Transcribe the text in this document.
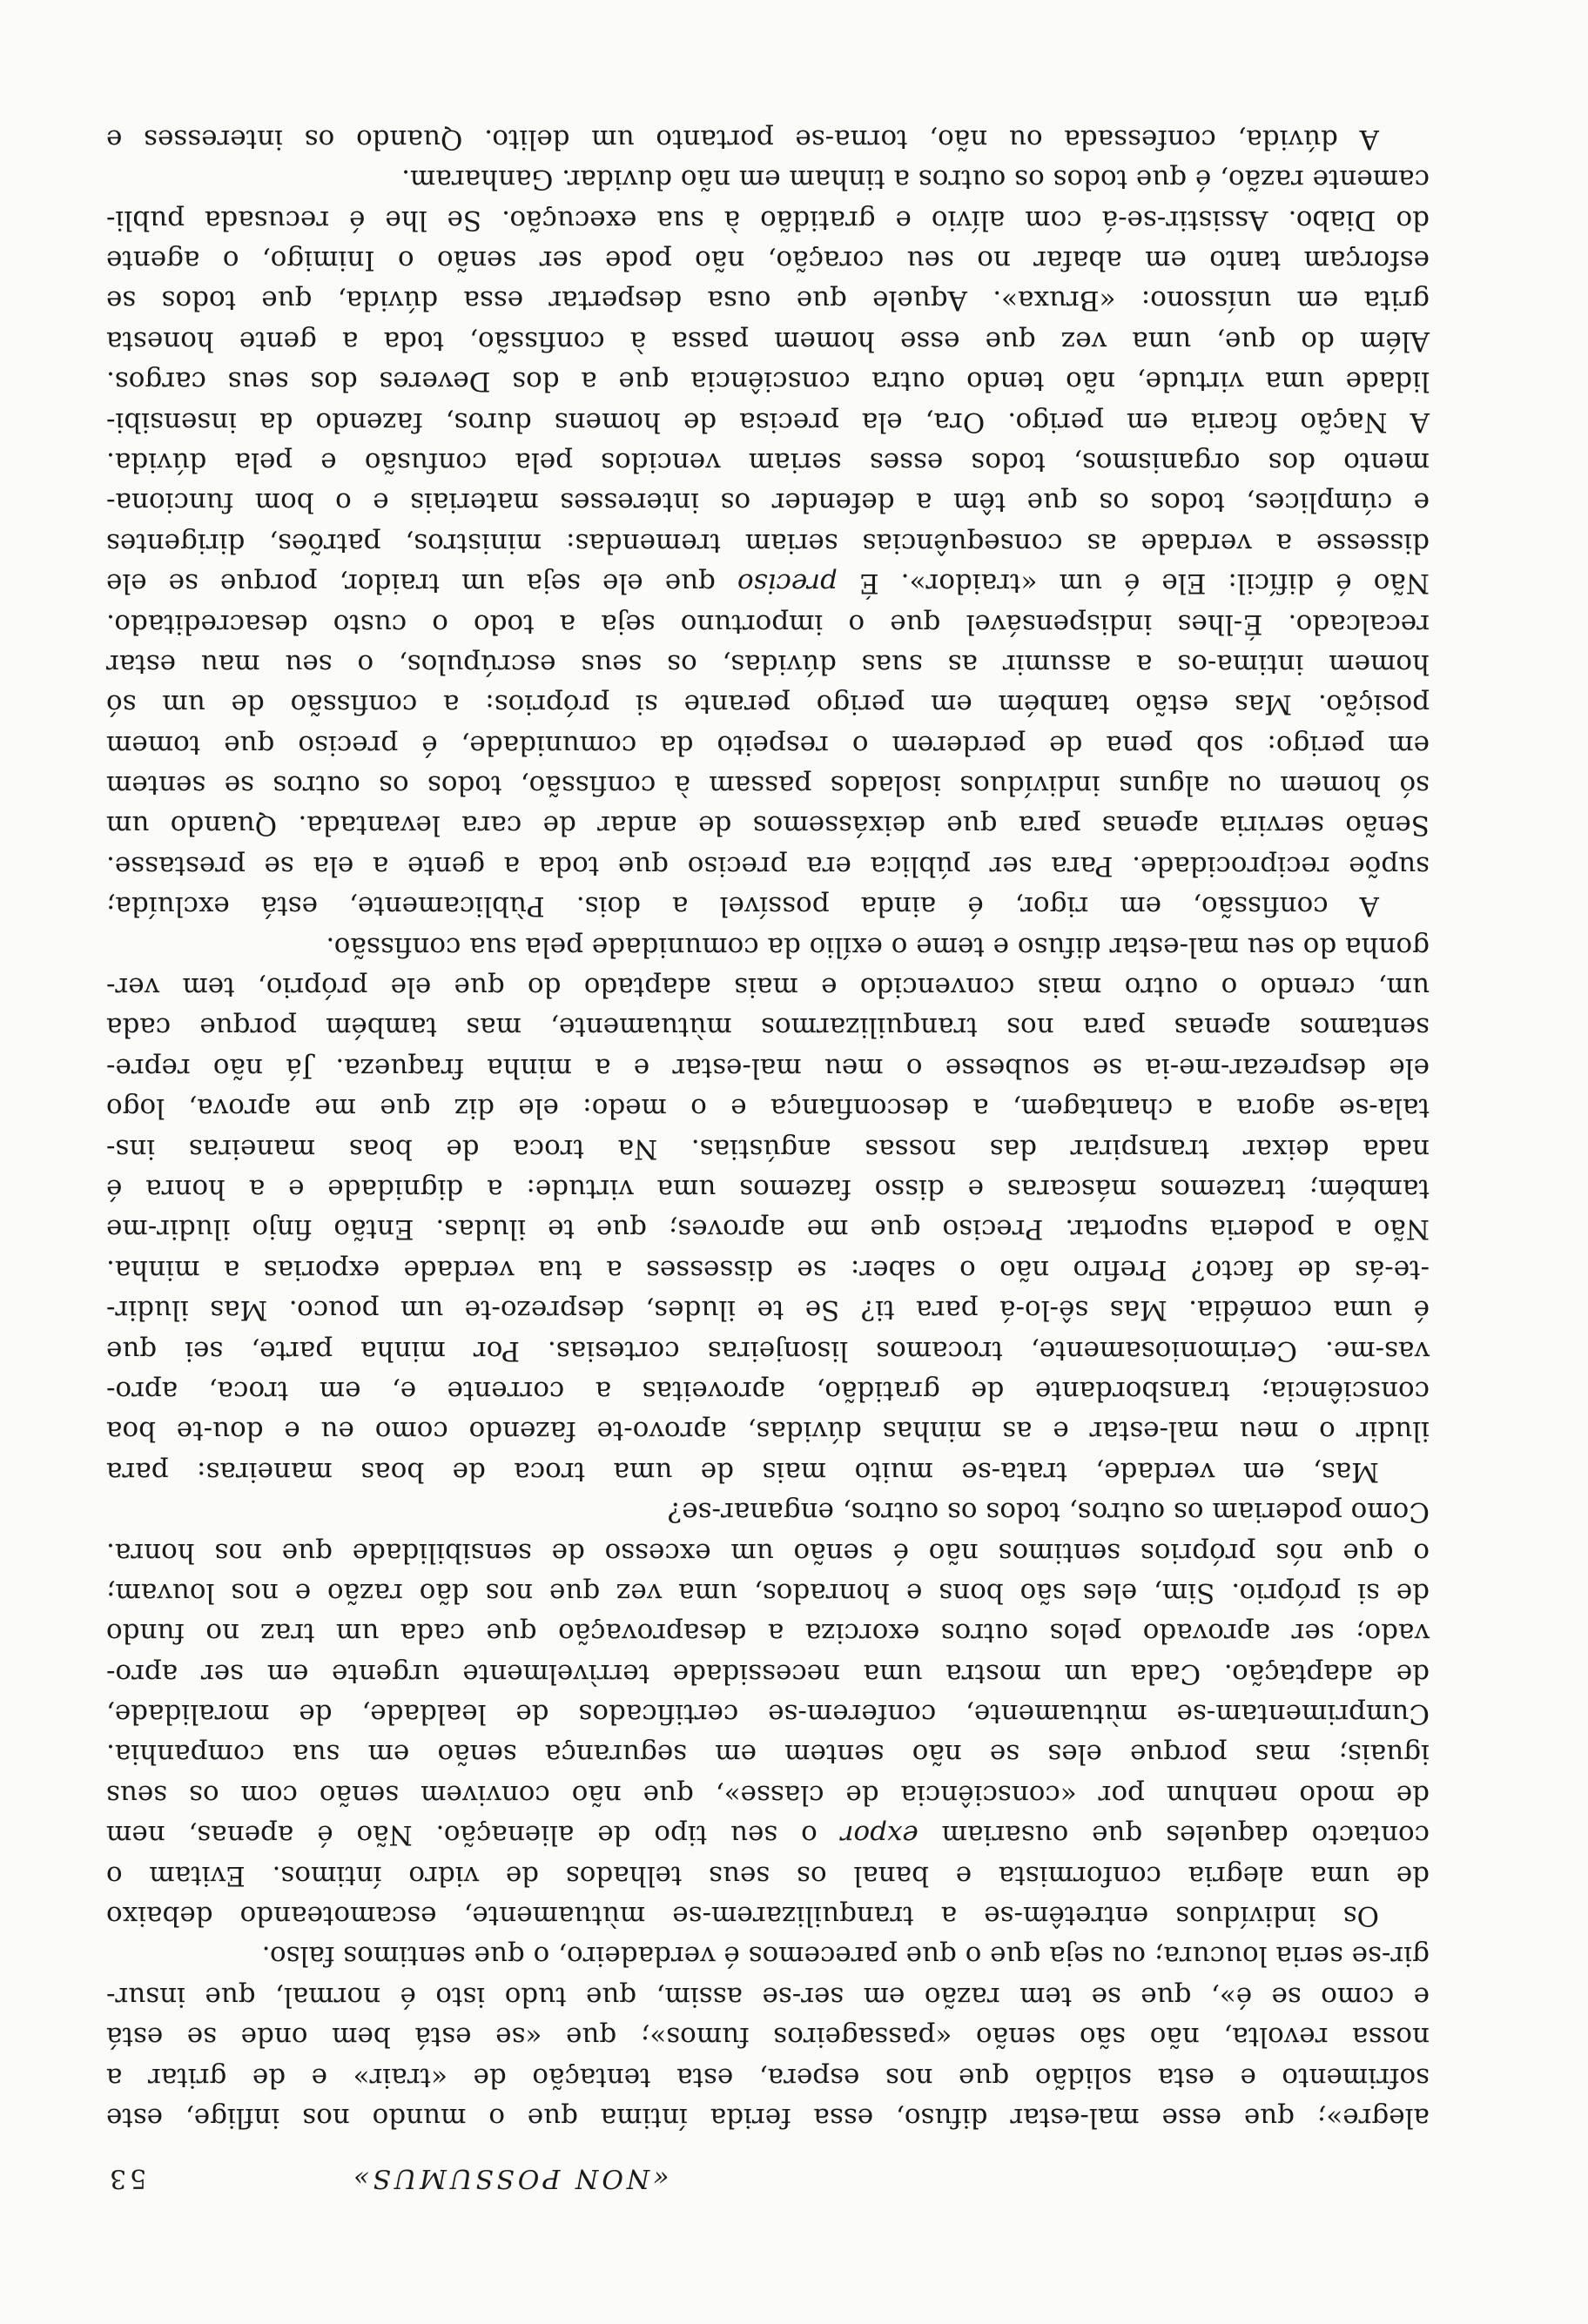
«NON POSSUMUS»
53
alegre»; que esse mal-estar difuso, essa ferida íntima que o mundo nos inflige, este
sofrimento e esta solidão que nos espera, esta tentação de «trair» e de gritar a
nossa revolta, não são senão «passageiros fumos»; que «se está bem onde se está
e como se é», que se tem razão em ser-se assim, que tudo isto é normal, que insur-
gir-se seria loucura; ou seja que o que parecemos é verdadeiro, o que sentimos falso.
Os indivíduos entretêm-se a tranquilizarem-se mùtuamente, escamoteando debaixo
de uma alegria conformista e banal os seus telhados de vidro íntimos. Evitam o
contacto daqueles que ousariam expor o seu tipo de alienação. Não é apenas, nem
de modo nenhum por «consciência de classe», que não convivem senão com os seus
iguais; mas porque eles se não sentem em segurança senão em sua companhia.
Cumprimentam-se mùtuamente, conferem-se certificados de lealdade, de moralidade,
de adaptação. Cada um mostra uma necessidade terrìvelmente urgente em ser apro-
vado; ser aprovado pelos outros exorciza a desaprovação que cada um traz no fundo
de si próprio. Sim, eles são bons e honrados, uma vez que nos dão razão e nos louvam;
o que nós próprios sentimos não é senão um excesso de sensibilidade que nos honra.
Como poderiam os outros, todos os outros, enganar-se?
Mas, em verdade, trata-se muito mais de uma troca de boas maneiras: para
iludir o meu mal-estar e as minhas dúvidas, aprovo-te fazendo como eu e dou-te boa
consciência; transbordante de gratidão, aproveitas a corrente e, em troca, apro-
vas-me. Cerimoniosamente, trocamos lisonjeiras cortesias. Por minha parte, sei que
é uma comédia. Mas sê-lo-á para ti? Se te iludes, desprezo-te um pouco. Mas iludir-
-te-ás de facto? Prefiro não o saber: se dissesses a tua verdade exporias a minha.
Não a poderia suportar. Preciso que me aproves; que te iludas. Então finjo iludir-me
também; trazemos máscaras e disso fazemos uma virtude: a dignidade e a honra é
nada deixar transpirar das nossas angústias. Na troca de boas maneiras ins-
tala-se agora a chantagem, a desconfiança e o medo: ele diz que me aprova, logo
ele desprezar-me-ia se soubesse o meu mal-estar e a minha fraqueza. Já não repre-
sentamos apenas para nos tranquilizarmos mùtuamente, mas também porque cada
um, crendo o outro mais convencido e mais adaptado do que ele próprio, tem ver-
gonha do seu mal-estar difuso e teme o exílio da comunidade pela sua confissão.
A confissão, em rigor, é ainda possível a dois. Pùblicamente, está excluída;
supõe reciprocidade. Para ser pública era preciso que toda a gente a ela se prestasse.
Senão serviria apenas para que deixássemos de andar de cara levantada. Quando um
só homem ou alguns indivíduos isolados passam à confissão, todos os outros se sentem
em perigo: sob pena de perderem o respeito da comunidade, é preciso que tomem
posição. Mas estão também em perigo perante si próprios: a confissão de um só
homem intima-os a assumir as suas dúvidas, os seus escrúpulos, o seu mau estar
recalcado. É-lhes indispensável que o importuno seja a todo o custo desacreditado.
Não é difícil: Ele é um «traidor». É preciso que ele seja um traidor, porque se ele
dissesse a verdade as consequências seriam tremendas: ministros, patrões, dirigentes
e cúmplices, todos os que têm a defender os interesses materiais e o bom funciona-
mento dos organismos, todos esses seriam vencidos pela confusão e pela dúvida.
A Nação ficaria em perigo. Ora, ela precisa de homens duros, fazendo da insensibi-
lidade uma virtude, não tendo outra consciência que a dos Deveres dos seus cargos.
Além do que, uma vez que esse homem passa à confissão, toda a gente honesta
grita em uníssono: «Bruxa». Aquele que ousa despertar essa dúvida, que todos se
esforçam tanto em abafar no seu coração, não pode ser senão o Inimigo, o agente
do Diabo. Assistir-se-á com alívio e gratidão à sua execução. Se lhe é recusada publi-
camente razão, é que todos os outros a tinham em não duvidar. Ganharam.
A dúvida, confessada ou não, torna-se portanto um delito. Quando os interesses e
